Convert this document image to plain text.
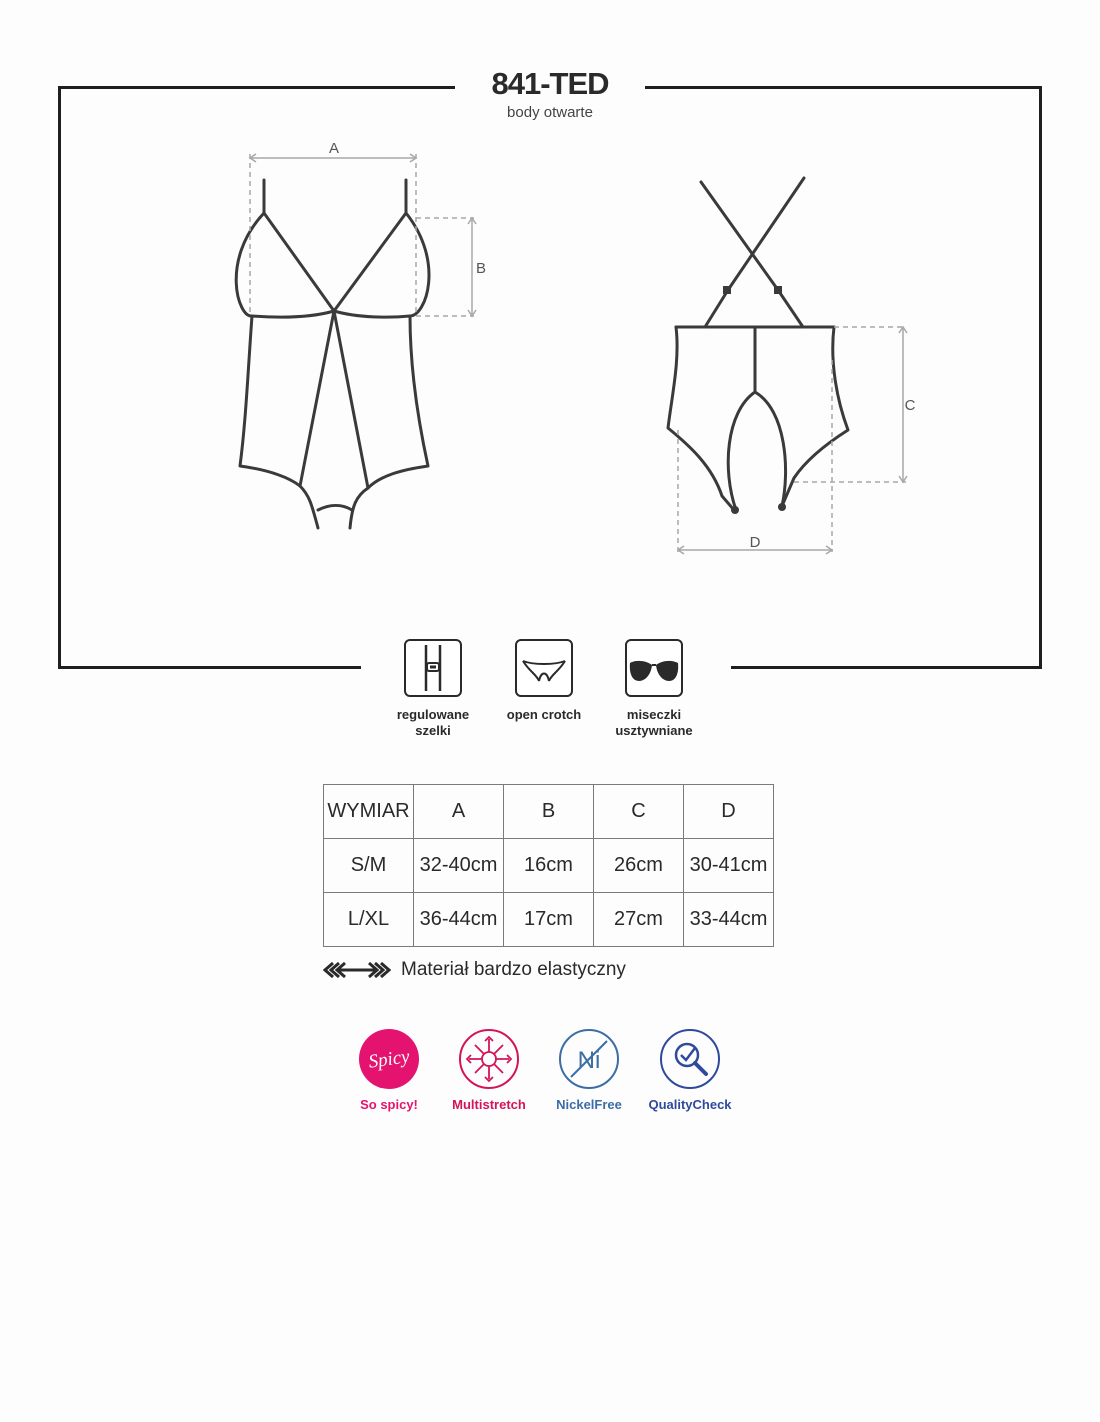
841-TED
body otwarte
A
B
C
D
regulowane
szelki
open crotch	miseczki
usztywniane
WYMIAR	A	B	C	D
S/M	32-40cm	16cm	26cm	30-41cm
L/XL	36-44cm	17cm	27cm	33-44cm
Materiał bardzo elastyczny
Spicy
So spicy!	Multistretch
Ni
NickelFree	QualityCheck
